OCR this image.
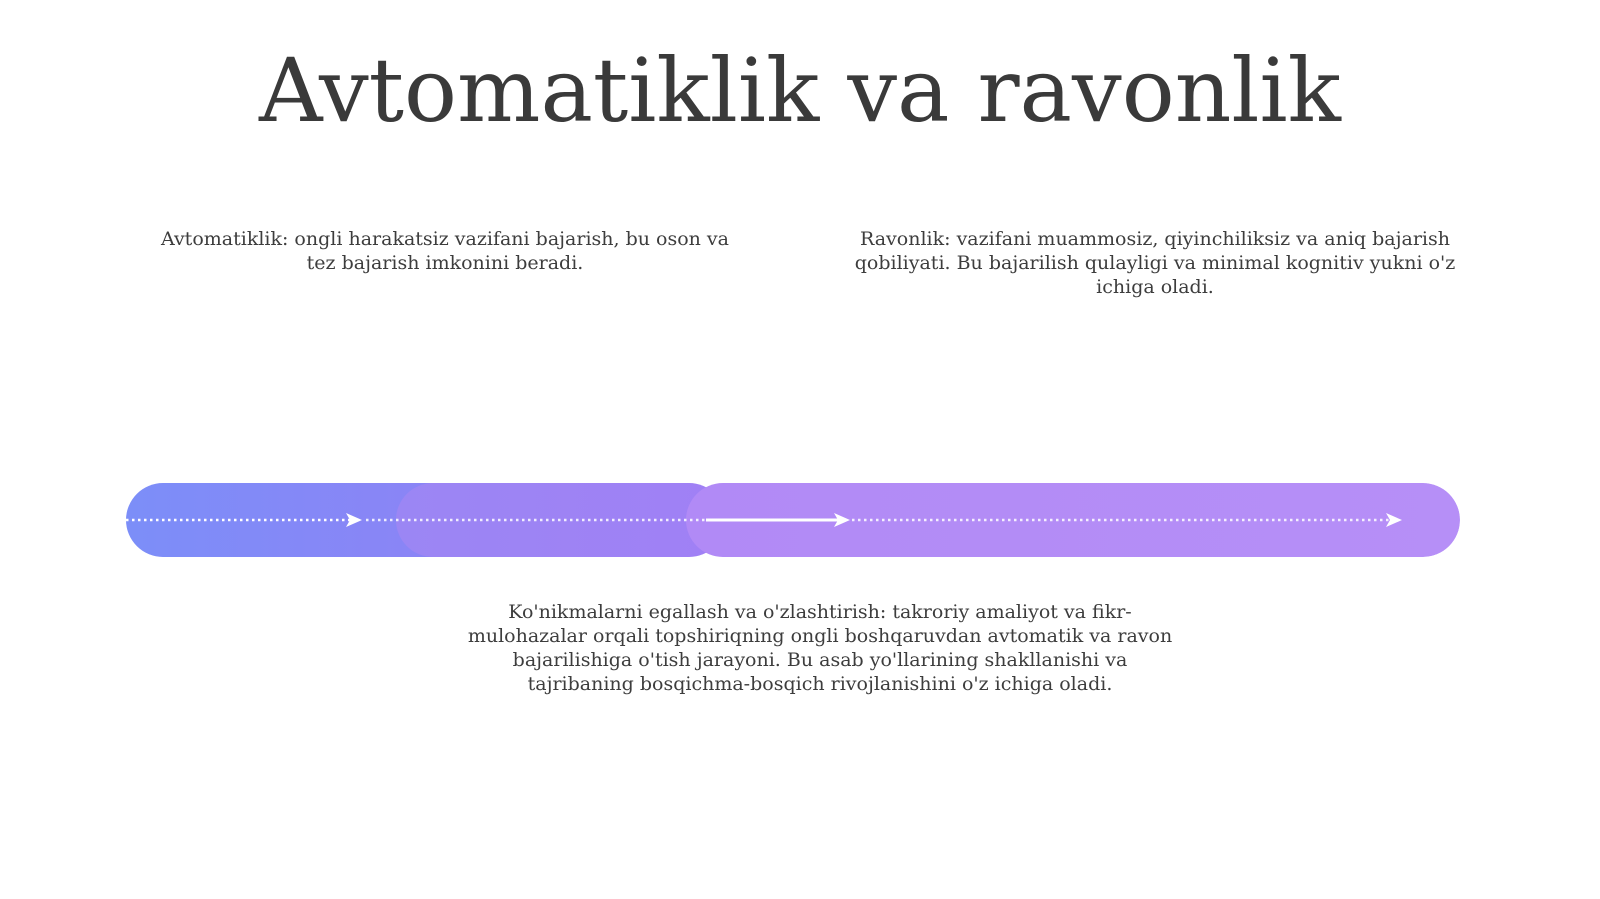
Avtomatiklik va ravonlik

Avtomatiklik: ongli harakatsiz vazifani bajarish, bu oson va tez bajarish imkonini beradi.

Ravonlik: vazifani muammosiz, qiyinchiliksiz va aniq bajarish qobiliyati. Bu bajarilish qulayligi va minimal kognitiv yukni o'z ichiga oladi.

Ko'nikmalarni egallash va o'zlashtirish: takroriy amaliyot va fikr-mulohazalar orqali topshiriqning ongli boshqaruvdan avtomatik va ravon bajarilishiga o'tish jarayoni. Bu asab yo'llarining shakllanishi va tajribaning bosqichma-bosqich rivojlanishini o'z ichiga oladi.
